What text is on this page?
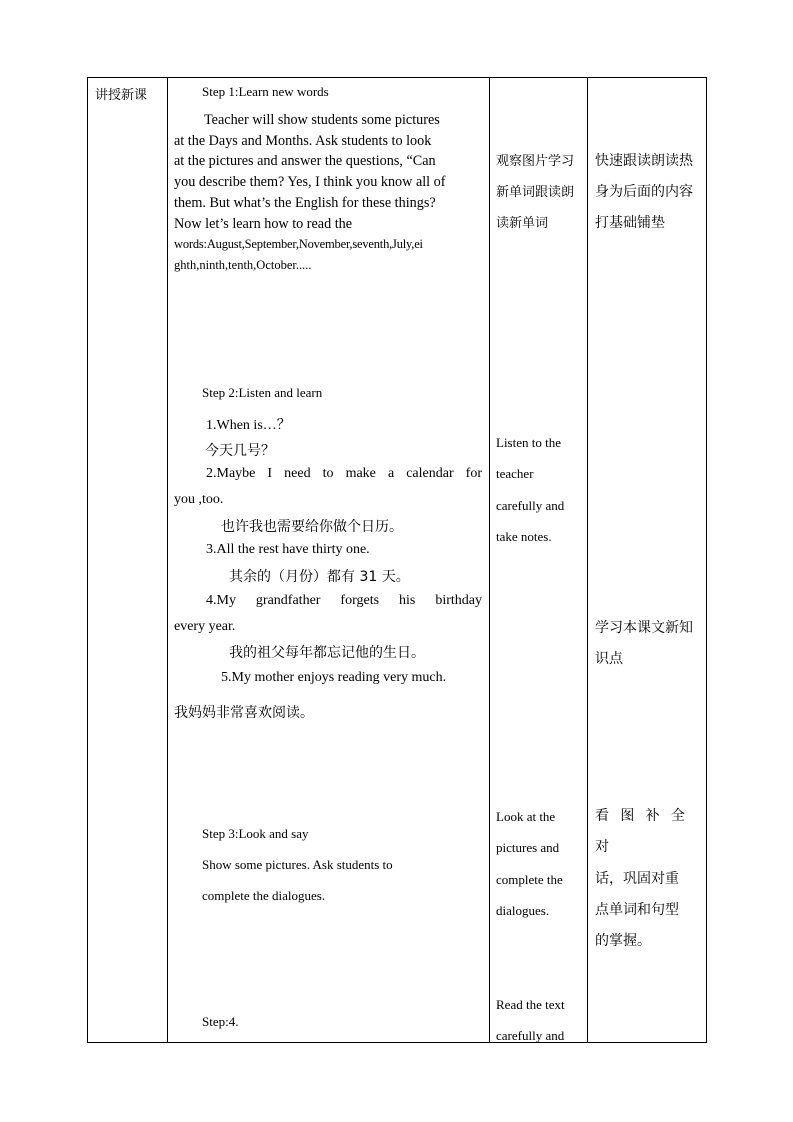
讲授新课	Step 1:Learn new words
Teacher will show students some pictures
at the Days and Months. Ask students to look
at the pictures and answer the questions, “Can
you describe them? Yes, I think you know all of
them. But what’s the English for these things?
Now let’s learn how to read the
words:August,September,November,seventh,July,ei
ghth,ninth,tenth,October.....
Step 2:Listen and learn
1.When is…？
今天几号？
2.Maybe I need to make a calendar for
you ,too.
也许我也需要给你做个日历。
3.All the rest have thirty one.
其余的（月份）都有 31 天。
4.My grandfather forgets his birthday
every year.
我的祖父每年都忘记他的生日。
5.My mother enjoys reading very much.
我妈妈非常喜欢阅读。
Step 3:Look and say
Show some pictures. Ask students to
complete the dialogues.
Step:4.
观察图片学习
新单词跟读朗
读新单词
Listen to the
teacher
carefully and
take notes.
Look at the
pictures and
complete the
dialogues.
Read the text
carefully and
快速跟读朗读热
身为后面的内容
打基础铺垫
学习本课文新知
识点
看图补全对
话，巩固对重
点单词和句型
的掌握。
